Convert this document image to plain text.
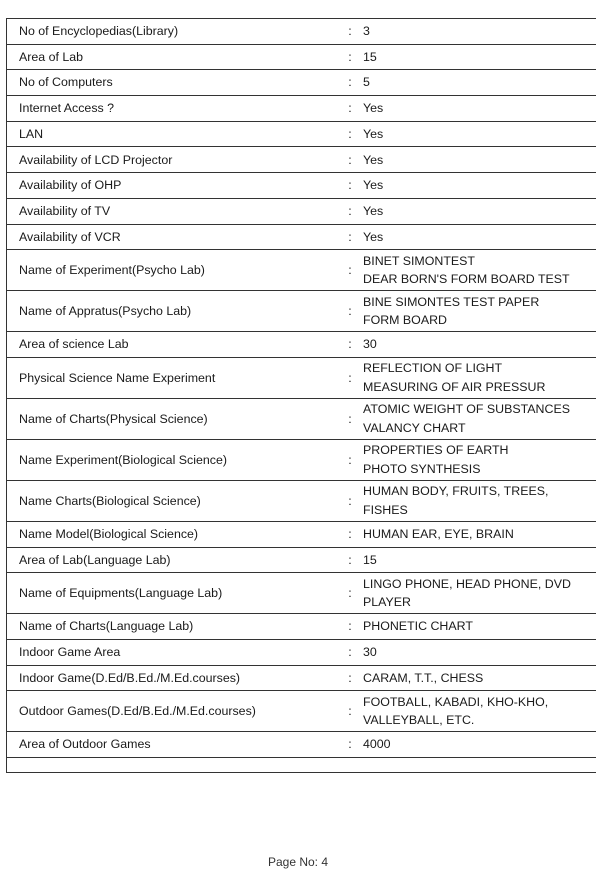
No of Encyclopedias(Library)	:	3

Area of Lab	:	15

No of Computers	:	5

Internet Access ?	:	Yes

LAN	:	Yes

Availability of LCD Projector	:	Yes

Availability of OHP	:	Yes

Availability of TV	:	Yes

Availability of VCR	:	Yes

Name of Experiment(Psycho Lab)	:	BINET SIMONTEST
DEAR BORN'S FORM BOARD TEST

Name of Appratus(Psycho Lab)	:	BINE SIMONTES TEST PAPER
FORM BOARD

Area of science Lab	:	30

Physical Science Name Experiment	:	REFLECTION OF LIGHT
MEASURING OF AIR PRESSUR

Name of Charts(Physical Science)	:	ATOMIC WEIGHT OF SUBSTANCES
VALANCY CHART

Name Experiment(Biological Science)	:	PROPERTIES OF EARTH
PHOTO SYNTHESIS

Name Charts(Biological Science)	:	HUMAN BODY, FRUITS, TREES,
FISHES

Name Model(Biological Science)	:	HUMAN EAR, EYE, BRAIN

Area of Lab(Language Lab)	:	15

Name of Equipments(Language Lab)	:	LINGO PHONE, HEAD PHONE, DVD
PLAYER

Name of Charts(Language Lab)	:	PHONETIC CHART

Indoor Game Area	:	30

Indoor Game(D.Ed/B.Ed./M.Ed.courses)	:	CARAM, T.T., CHESS

Outdoor Games(D.Ed/B.Ed./M.Ed.courses)	:	FOOTBALL, KABADI, KHO-KHO,
VALLEYBALL, ETC.

Area of Outdoor Games	:	4000

Page No: 4
